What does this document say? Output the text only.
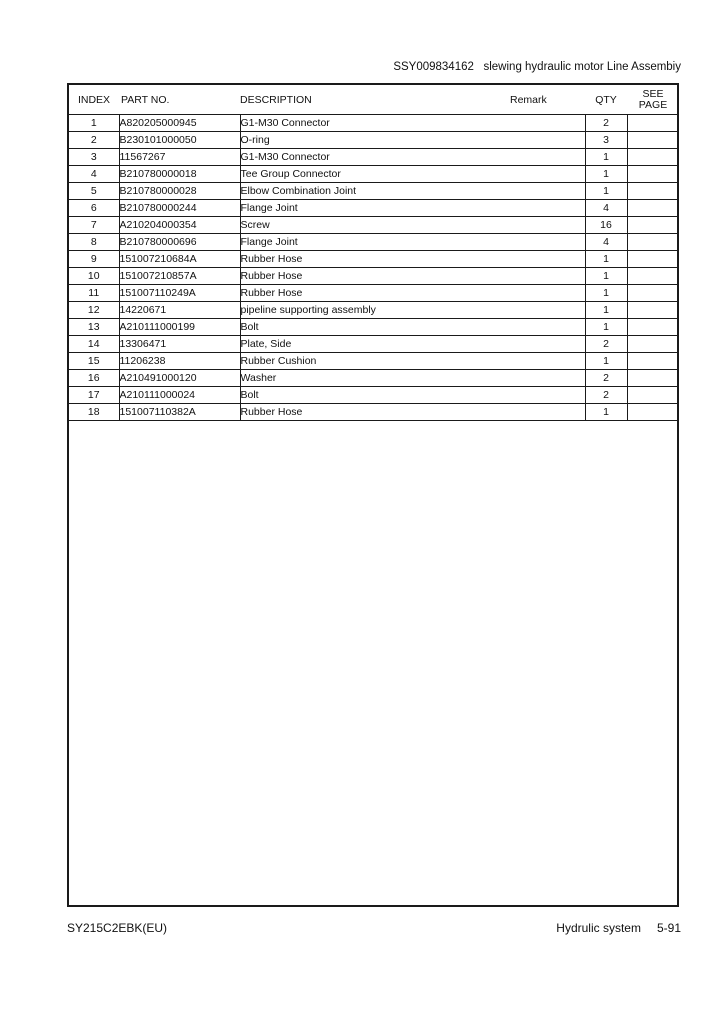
SSY009834162 slewing hydraulic motor Line Assembiy
INDEX	PART NO.	DESCRIPTION	Remark	QTY	SEE
PAGE
1	A820205000945	G1-M30 Connector		2	
2	B230101000050	O-ring		3	
3	11567267	G1-M30 Connector		1	
4	B210780000018	Tee Group Connector		1	
5	B210780000028	Elbow Combination Joint		1	
6	B210780000244	Flange Joint		4	
7	A210204000354	Screw		16	
8	B210780000696	Flange Joint		4	
9	151007210684A	Rubber Hose		1	
10	151007210857A	Rubber Hose		1	
11	151007110249A	Rubber Hose		1	
12	14220671	pipeline supporting assembly		1	
13	A210111000199	Bolt		1	
14	13306471	Plate, Side		2	
15	11206238	Rubber Cushion		1	
16	A210491000120	Washer		2	
17	A210111000024	Bolt		2	
18	151007110382A	Rubber Hose		1	
SY215C2EBK(EU)	Hydrulic system 5-91
